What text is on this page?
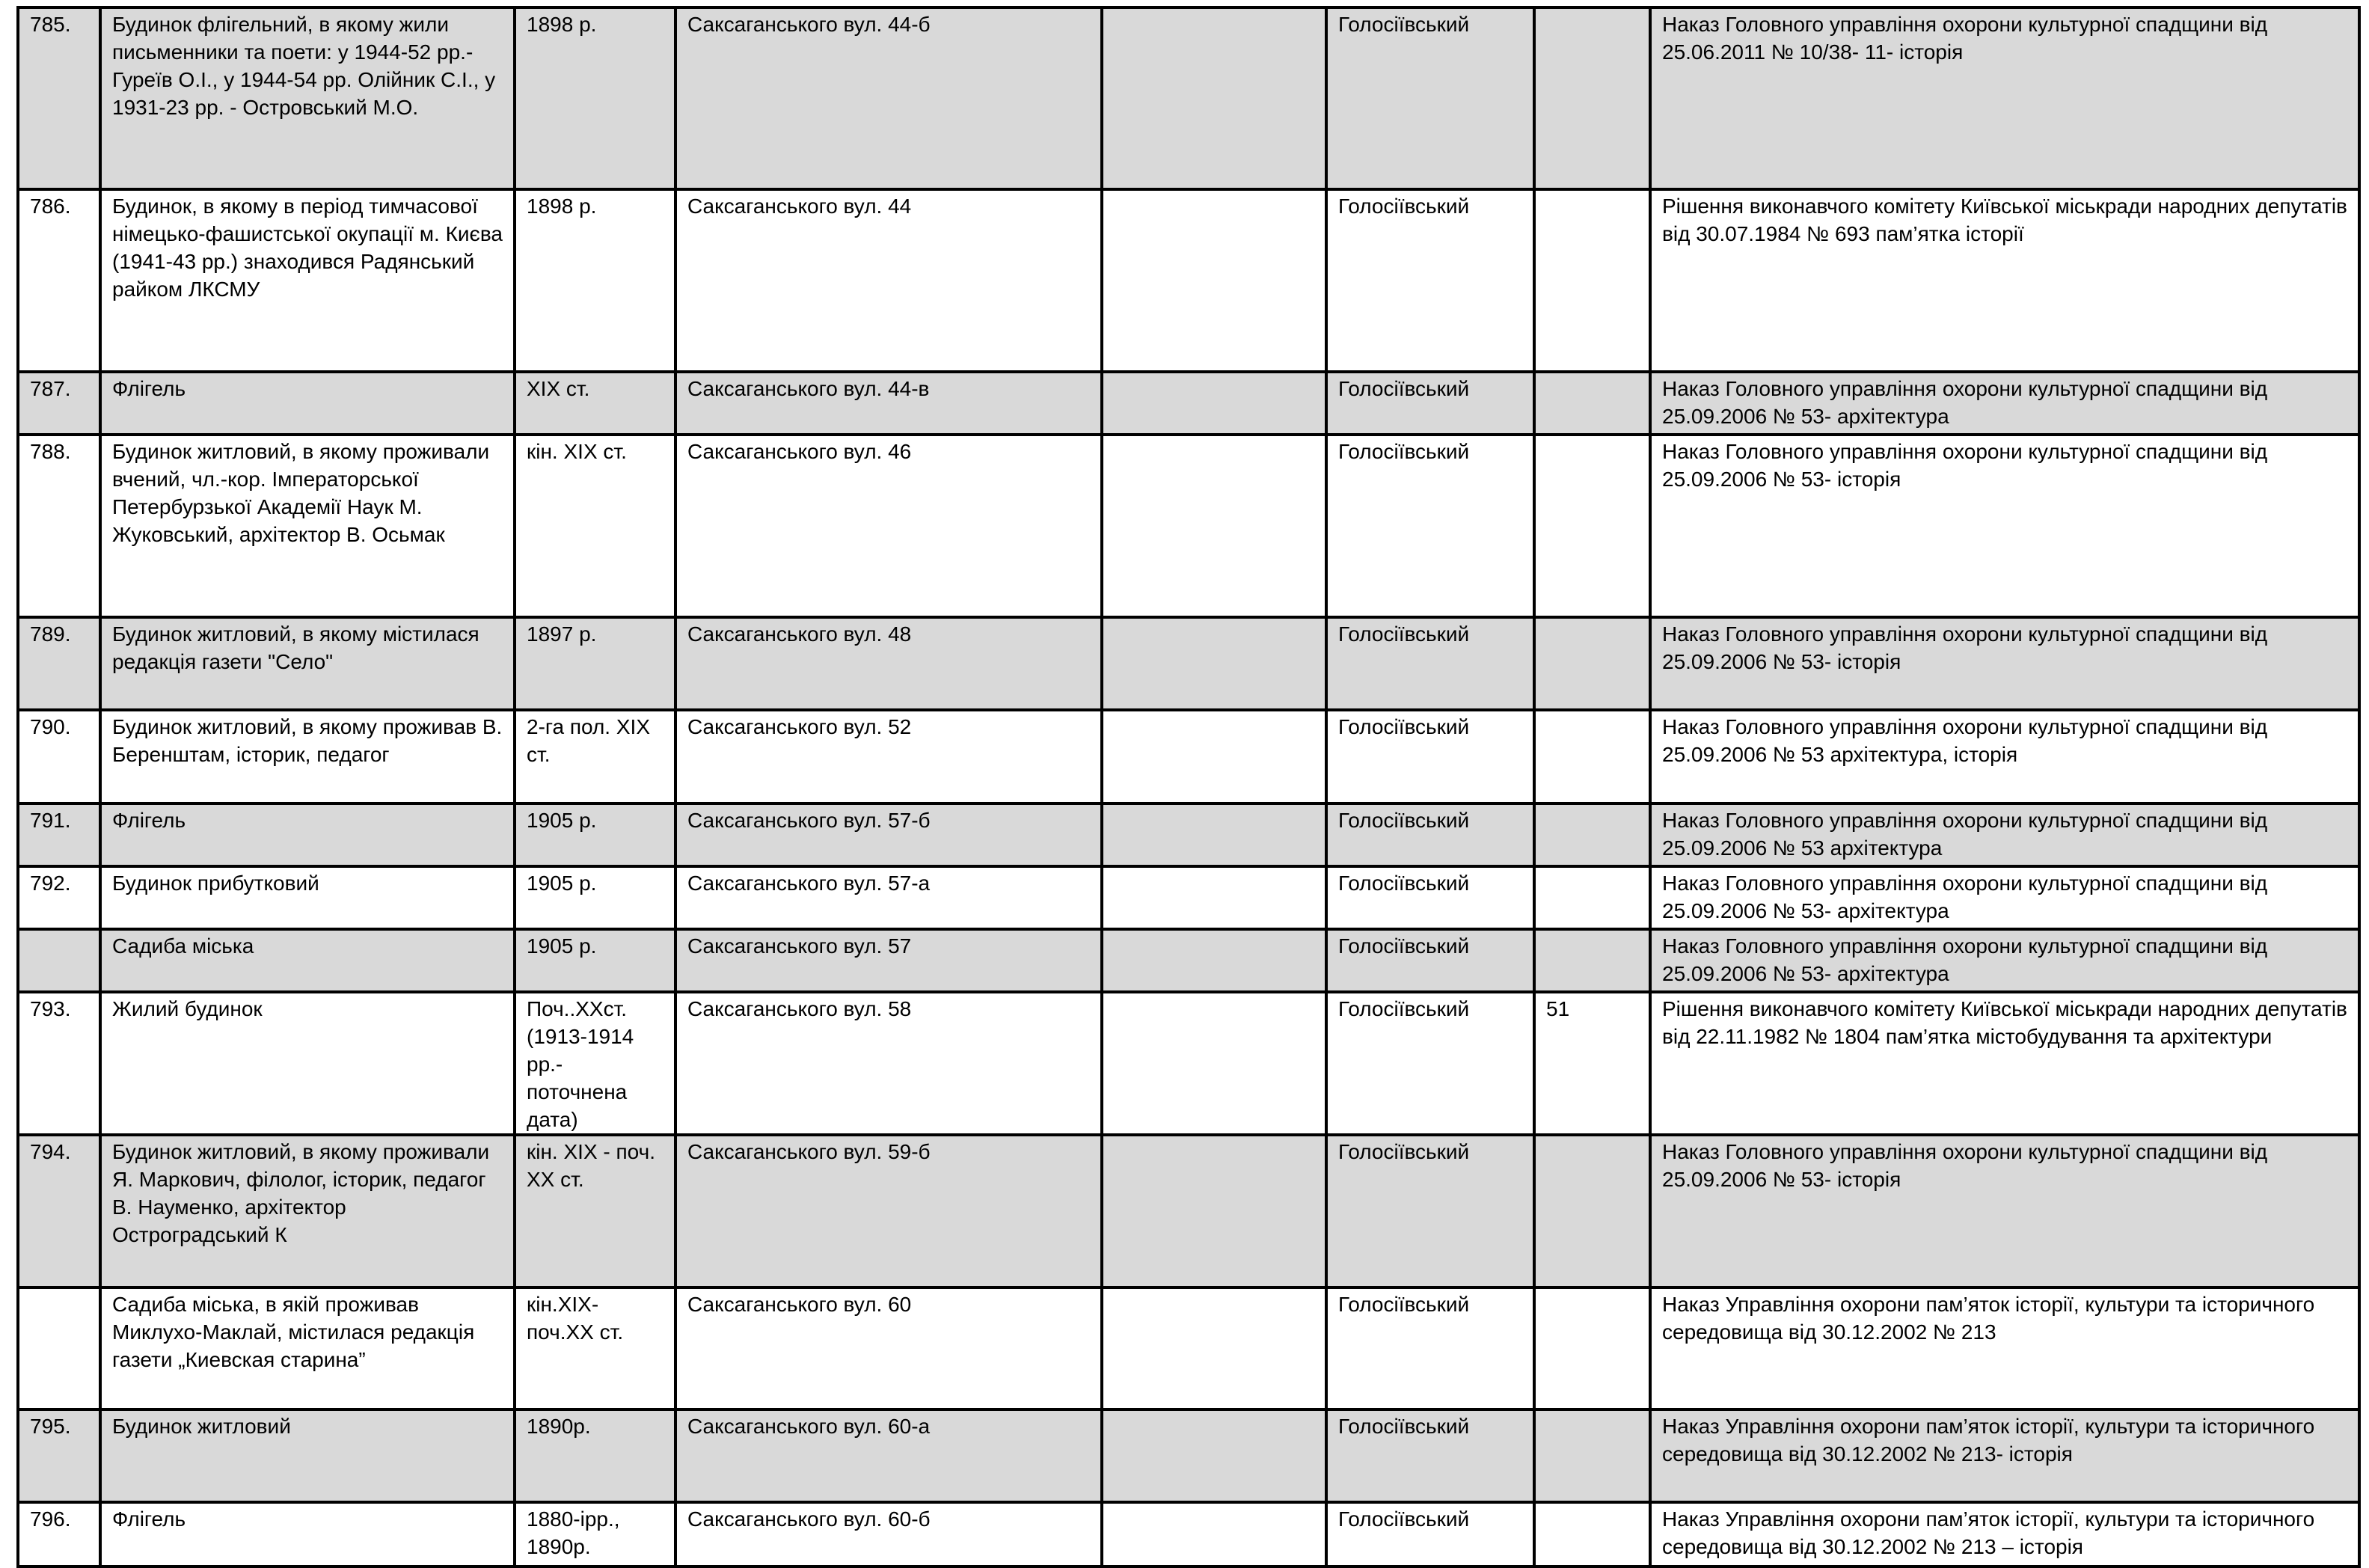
785.	Будинок флігельний, в якому жили письменники та поети: у 1944-52 рр.- Гуреїв О.І., у 1944-54 рр. Олійник С.І., у 1931-23 рр. - Островський М.О.	1898 р.	Саксаганського вул. 44-б		Голосіївський		Наказ Головного управління охорони культурної спадщини від 25.06.2011 № 10/38- 11- історія
786.	Будинок, в якому в період тимчасової німецько-фашистської окупації м. Києва (1941-43 рр.) знаходився Радянський райком ЛКСМУ	1898 р.	Саксаганського вул. 44		Голосіївський		Рішення виконавчого комітету Київської міськради народних депутатів від 30.07.1984 № 693 пам’ятка історії
787.	Флігель	ХІХ ст.	Саксаганського вул. 44-в		Голосіївський		Наказ Головного управління охорони культурної спадщини від 25.09.2006 № 53- архітектура
788.	Будинок житловий, в якому проживали вчений, чл.-кор. Імператорської Петербурзької Академії Наук М. Жуковський, архітектор В. Осьмак	кін. ХІХ ст.	Саксаганського вул. 46		Голосіївський		Наказ Головного управління охорони культурної спадщини від 25.09.2006 № 53- історія
789.	Будинок житловий, в якому містилася редакція газети "Село"	1897 р.	Саксаганського вул. 48		Голосіївський		Наказ Головного управління охорони культурної спадщини від 25.09.2006 № 53- історія
790.	Будинок житловий, в якому проживав В. Беренштам, історик, педагог	2-га пол. ХІХ ст.	Саксаганського вул. 52		Голосіївський		Наказ Головного управління охорони культурної спадщини від 25.09.2006 № 53 архітектура, історія
791.	Флігель	1905 р.	Саксаганського вул. 57-б		Голосіївський		Наказ Головного управління охорони культурної спадщини від 25.09.2006 № 53 архітектура
792.	Будинок прибутковий	1905 р.	Саксаганського вул. 57-а		Голосіївський		Наказ Головного управління охорони культурної спадщини від 25.09.2006 № 53- архітектура
	Садиба міська	1905 р.	Саксаганського вул. 57		Голосіївський		Наказ Головного управління охорони культурної спадщини від 25.09.2006 № 53- архітектура
793.	Жилий будинок	Поч..ХХст. (1913-1914 рр.- поточнена дата)	Саксаганського вул. 58		Голосіївський	51	Рішення виконавчого комітету Київської міськради народних депутатів від 22.11.1982 № 1804 пам’ятка містобудування та архітектури
794.	Будинок житловий, в якому проживали Я. Маркович, філолог, історик, педагог В. Науменко, архітектор Остроградський К	кін. ХІХ - поч. ХХ ст.	Саксаганського вул. 59-б		Голосіївський		Наказ Головного управління охорони культурної спадщини від 25.09.2006 № 53- історія
	Садиба міська, в якій проживав Миклухо-Маклай, містилася редакція газети „Киевская старина”	кін.ХІХ-поч.ХХ ст.	Саксаганського вул. 60		Голосіївський		Наказ Управління охорони пам’яток історії, культури та історичного середовища від 30.12.2002 № 213
795.	Будинок житловий	1890р.	Саксаганського вул. 60-а		Голосіївський		Наказ Управління охорони пам’яток історії, культури та історичного середовища від 30.12.2002 № 213- історія
796.	Флігель	1880-ірр., 1890р.	Саксаганського вул. 60-б		Голосіївський		Наказ Управління охорони пам’яток історії, культури та історичного середовища від 30.12.2002 № 213 – історія
